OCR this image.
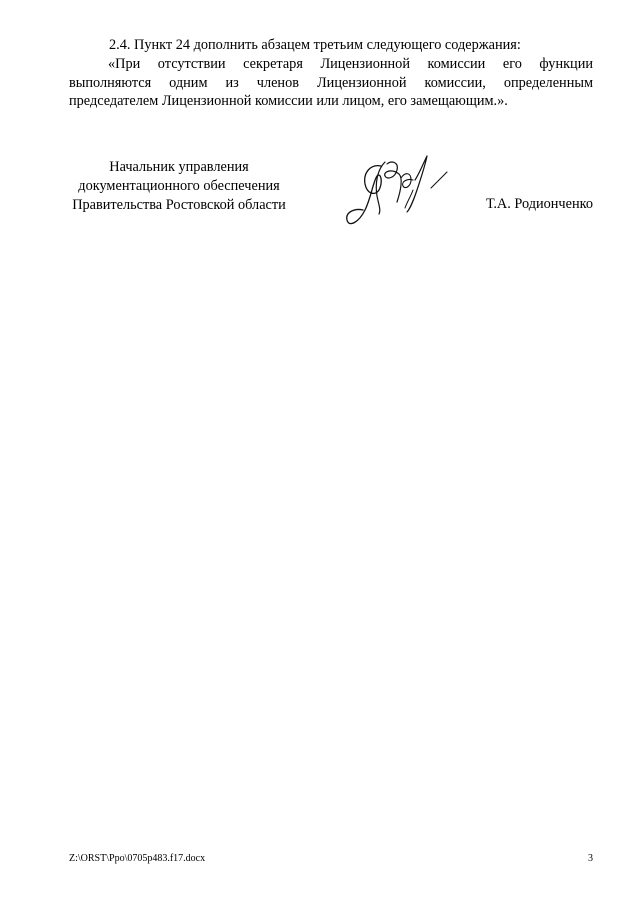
2.4. Пункт 24 дополнить абзацем третьим следующего содержания:

«При отсутствии секретаря Лицензионной комиссии его функции выполняются одним из членов Лицензионной комиссии, определенным председателем Лицензионной комиссии или лицом, его замещающим.».

Начальник управления
документационного обеспечения
Правительства Ростовской области	Т.А. Родионченко
Z:\ORST\Ppo\0705p483.f17.docx	3
